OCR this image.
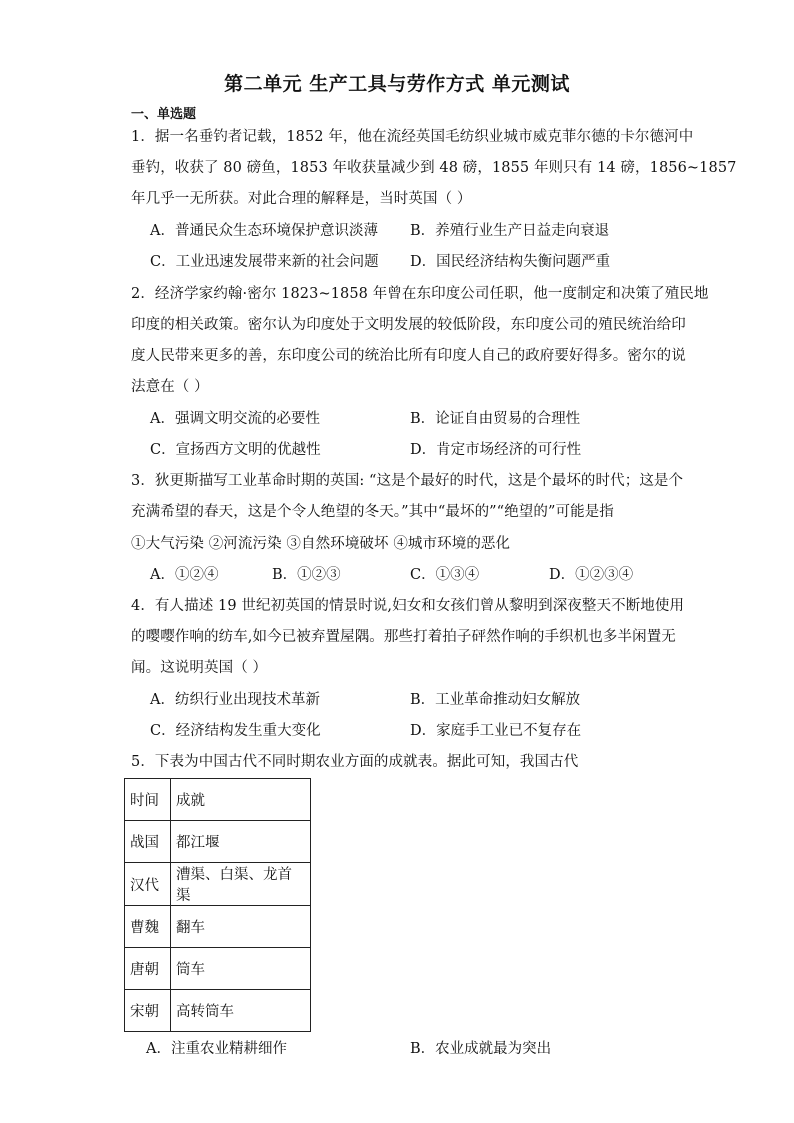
第二单元 生产工具与劳作方式 单元测试
一、单选题
1．据一名垂钓者记载，1852 年，他在流经英国毛纺织业城市威克菲尔德的卡尔德河中
垂钓，收获了 80 磅鱼，1853 年收获量减少到 48 磅，1855 年则只有 14 磅，1856~1857
年几乎一无所获。对此合理的解释是，当时英国（ ）
A．普通民众生态环境保护意识淡薄 B．养殖行业生产日益走向衰退
C．工业迅速发展带来新的社会问题 D．国民经济结构失衡问题严重
2．经济学家约翰·密尔 1823~1858 年曾在东印度公司任职，他一度制定和决策了殖民地
印度的相关政策。密尔认为印度处于文明发展的较低阶段，东印度公司的殖民统治给印
度人民带来更多的善，东印度公司的统治比所有印度人自己的政府要好得多。密尔的说
法意在（ ）
A．强调文明交流的必要性	B．论证自由贸易的合理性
C．宣扬西方文明的优越性	D．肯定市场经济的可行性
3．狄更斯描写工业革命时期的英国: “这是个最好的时代，这是个最坏的时代；这是个
充满希望的春天，这是个令人绝望的冬天。”其中“最坏的”“绝望的”可能是指
①大气污染 ②河流污染 ③自然环境破坏 ④城市环境的恶化
A．①②④	B．①②③	C．①③④	D．①②③④
4．有人描述 19 世纪初英国的情景时说,妇女和女孩们曾从黎明到深夜整天不断地使用
的嘤嘤作响的纺车,如今已被弃置屋隅。那些打着拍子砰然作响的手织机也多半闲置无
闻。这说明英国（ ）
A．纺织行业出现技术革新	B．工业革命推动妇女解放
C．经济结构发生重大变化	D．家庭手工业已不复存在
5．下表为中国古代不同时期农业方面的成就表。据此可知，我国古代
时间	成就
战国	都江堰
汉代	漕渠、白渠、龙首渠
曹魏	翻车
唐朝	筒车
宋朝	高转筒车
A．注重农业精耕细作	B．农业成就最为突出
